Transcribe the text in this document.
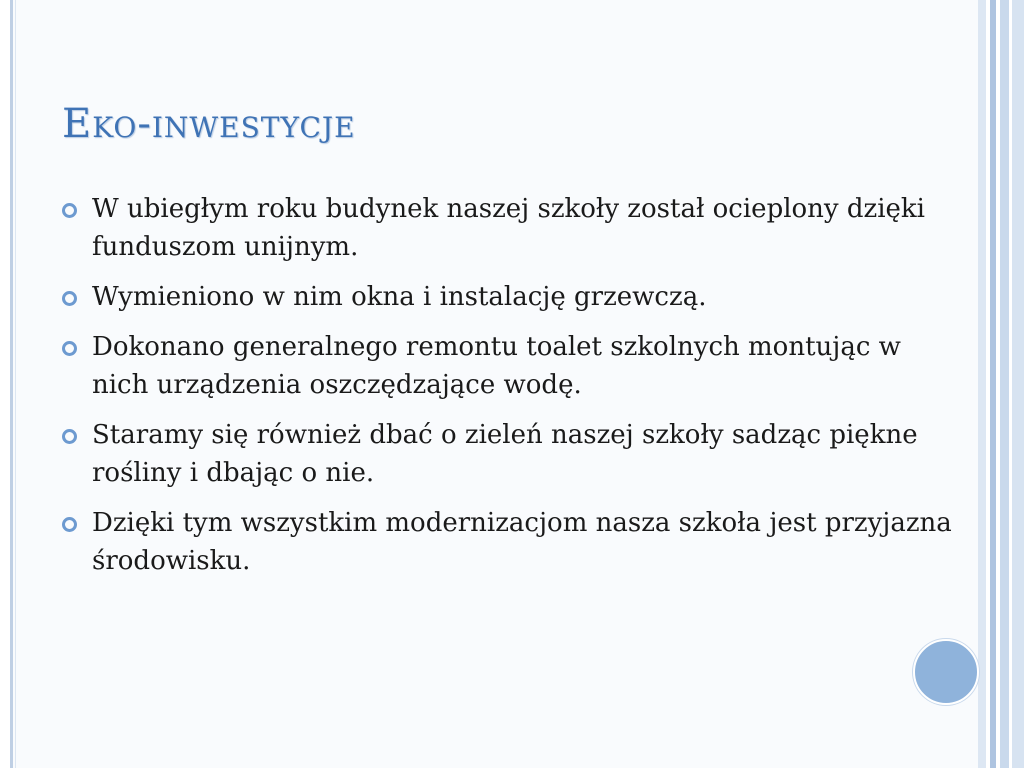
Eko-inwestycje
W ubiegłym roku budynek naszej szkoły został ocieplony dzięki funduszom unijnym.
Wymieniono w nim okna i instalację grzewczą.
Dokonano generalnego remontu toalet szkolnych montując w nich urządzenia oszczędzające wodę.
Staramy się również dbać o zieleń naszej szkoły sadząc piękne rośliny i dbając o nie.
Dzięki tym wszystkim modernizacjom nasza szkoła jest przyjazna środowisku.
